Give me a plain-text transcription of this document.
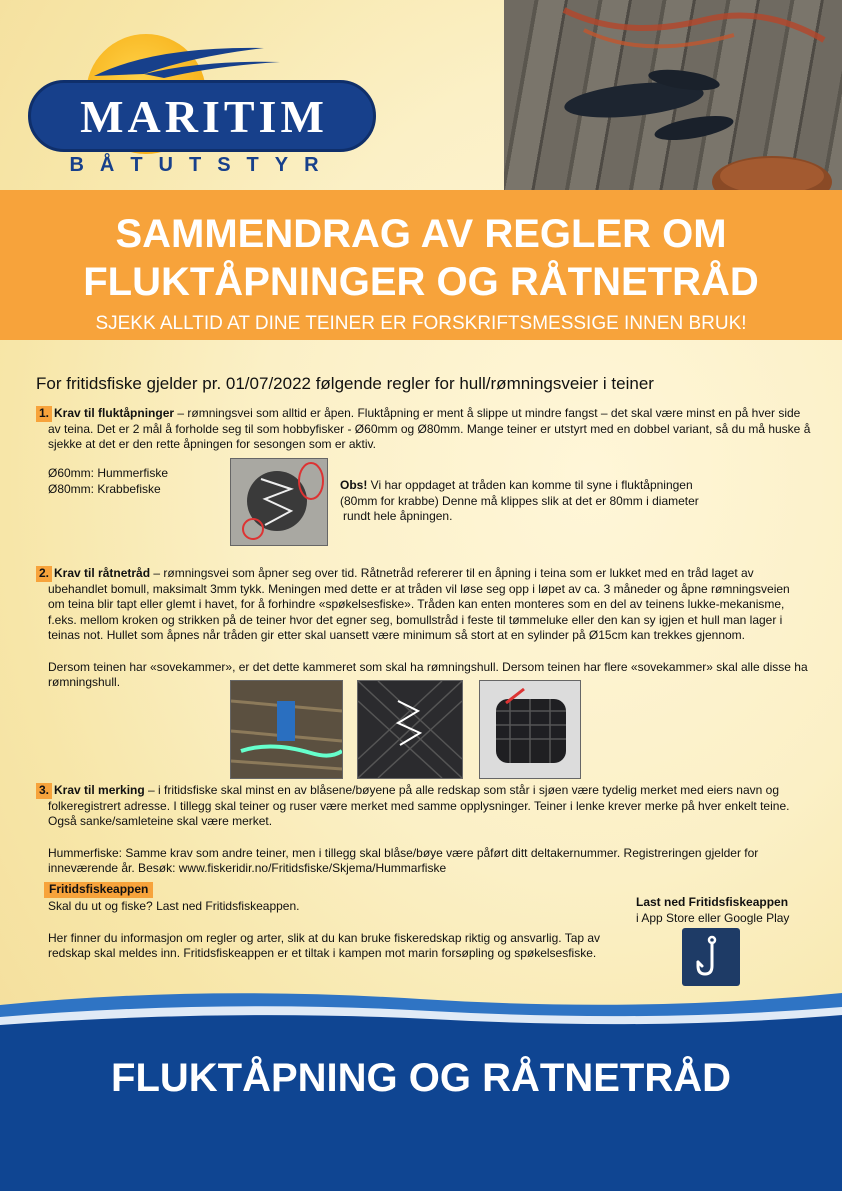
MARITIM
BÅTUTSTYR
SAMMENDRAG AV REGLER OM
FLUKTÅPNINGER OG RÅTNETRÅD
SJEKK ALLTID AT DINE TEINER ER FORSKRIFTSMESSIGE INNEN BRUK!
For fritidsfiske gjelder pr. 01/07/2022 følgende regler for hull/rømningsveier i teiner
1. Krav til fluktåpninger – rømningsvei som alltid er åpen. Fluktåpning er ment å slippe ut mindre fangst – det skal være minst en på hver side
av teina. Det er 2 mål å forholde seg til som hobbyfisker - Ø60mm og Ø80mm. Mange teiner er utstyrt med en dobbel variant, så du må huske å
sjekke at det er den rette åpningen for sesongen som er aktiv.
Ø60mm: Hummerfiske
Ø80mm: Krabbefiske	Obs! Vi har oppdaget at tråden kan komme til syne i fluktåpningen
(80mm for krabbe) Denne må klippes slik at det er 80mm i diameter
rundt hele åpningen.
2. Krav til råtnetråd – rømningsvei som åpner seg over tid. Råtnetråd refererer til en åpning i teina som er lukket med en tråd laget av
ubehandlet bomull, maksimalt 3mm tykk. Meningen med dette er at tråden vil løse seg opp i løpet av ca. 3 måneder og åpne rømningsveien
om teina blir tapt eller glemt i havet, for å forhindre «spøkelsesfiske». Tråden kan enten monteres som en del av teinens lukke-mekanisme,
f.eks. mellom kroken og strikken på de teiner hvor det egner seg, bomullstråd i feste til tømmeluke eller den kan sy igjen et hull man lager i
teinas not. Hullet som åpnes når tråden gir etter skal uansett være minimum så stort at en sylinder på Ø15cm kan trekkes gjennom.
Dersom teinen har «sovekammer», er det dette kammeret som skal ha rømningshull. Dersom teinen har flere «sovekammer» skal alle disse ha
rømningshull.
3. Krav til merking – i fritidsfiske skal minst en av blåsene/bøyene på alle redskap som står i sjøen være tydelig merket med eiers navn og
folkeregistrert adresse. I tillegg skal teiner og ruser være merket med samme opplysninger. Teiner i lenke krever merke på hver enkelt teine.
Også sanke/samleteine skal være merket.
Hummerfiske: Samme krav som andre teiner, men i tillegg skal blåse/bøye være påført ditt deltakernummer. Registreringen gjelder for
inneværende år. Besøk: www.fiskeridir.no/Fritidsfiske/Skjema/Hummarfiske
Fritidsfiskeappen
Skal du ut og fiske? Last ned Fritidsfiskeappen.
Her finner du informasjon om regler og arter, slik at du kan bruke fiskeredskap riktig og ansvarlig. Tap av
redskap skal meldes inn. Fritidsfiskeappen er et tiltak i kampen mot marin forsøpling og spøkelsesfiske.
Last ned Fritidsfiskeappen
i App Store eller Google Play
FLUKTÅPNING OG RÅTNETRÅD
